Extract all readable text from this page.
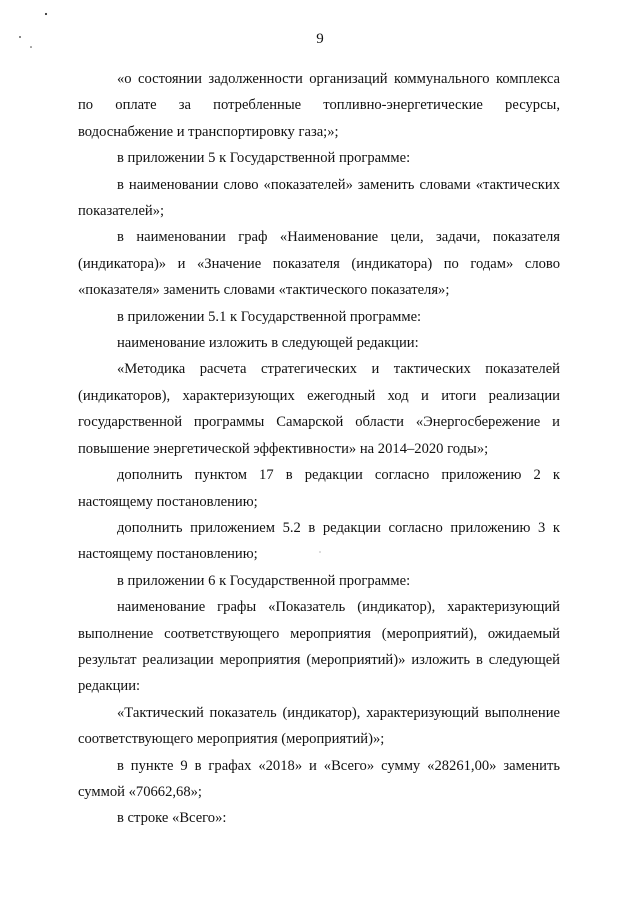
9

«о состоянии задолженности организаций коммунального комплекса по оплате за потребленные топливно-энергетические ресурсы, водоснабжение и транспортировку газа;»;

в приложении 5 к Государственной программе:

в наименовании слово «показателей» заменить словами «тактических показателей»;

в наименовании граф «Наименование цели, задачи, показателя (индикатора)» и «Значение показателя (индикатора) по годам» слово «показателя» заменить словами «тактического показателя»;

в приложении 5.1 к Государственной программе:

наименование изложить в следующей редакции:

«Методика расчета стратегических и тактических показателей (индикаторов), характеризующих ежегодный ход и итоги реализации государственной программы Самарской области «Энергосбережение и повышение энергетической эффективности» на 2014–2020 годы»;

дополнить пунктом 17 в редакции согласно приложению 2 к настоящему постановлению;

дополнить приложением 5.2 в редакции согласно приложению 3 к настоящему постановлению;

в приложении 6 к Государственной программе:

наименование графы «Показатель (индикатор), характеризующий выполнение соответствующего мероприятия (мероприятий), ожидаемый результат реализации мероприятия (мероприятий)» изложить в следующей редакции:

«Тактический показатель (индикатор), характеризующий выполнение соответствующего мероприятия (мероприятий)»;

в пункте 9 в графах «2018» и «Всего» сумму «28261,00» заменить суммой «70662,68»;

в строке «Всего»:
